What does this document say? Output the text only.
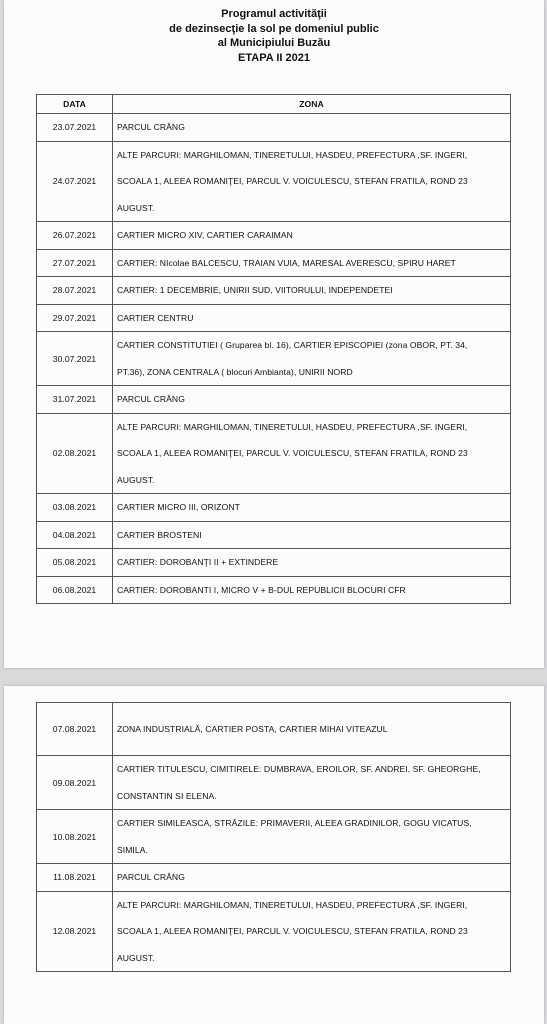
Programul activităţii
de dezinsecţie la sol pe domeniul public
al Municipiului Buzău
ETAPA II 2021
DATA	ZONA
23.07.2021	PARCUL CRÂNG

24.07.2021	ALTE PARCURI: MARGHILOMAN, TINERETULUI, HASDEU, PREFECTURA ,SF. INGERI,
SCOALA 1, ALEEA ROMANIŢEI, PARCUL V. VOICULESCU, STEFAN FRATILA, ROND 23
AUGUST.

26.07.2021	CARTIER MICRO XIV, CARTIER CARAIMAN

27.07.2021	CARTIER: NIcolae BALCESCU, TRAIAN VUIA, MARESAL AVERESCU, SPIRU HARET

28.07.2021	CARTIER: 1 DECEMBRIE, UNIRII SUD, VIITORULUI, INDEPENDETEI

29.07.2021	CARTIER CENTRU

30.07.2021	CARTIER CONSTITUTIEI ( Gruparea bl. 16), CARTIER EPISCOPIEI (zona OBOR, PT. 34,
PT.36), ZONA CENTRALA ( blocuri Ambianta), UNIRII NORD

31.07.2021	PARCUL CRÂNG

02.08.2021	ALTE PARCURI: MARGHILOMAN, TINERETULUI, HASDEU, PREFECTURA ,SF. INGERI,
SCOALA 1, ALEEA ROMANIŢEI, PARCUL V. VOICULESCU, STEFAN FRATILA, ROND 23
AUGUST.

03.08.2021	CARTIER MICRO III, ORIZONT

04.08.2021	CARTIER BROSTENI

05.08.2021	CARTIER: DOROBANŢI II + EXTINDERE

06.08.2021	CARTIER: DOROBANTI I, MICRO V + B-DUL REPUBLICII BLOCURI CFR
07.08.2021	ZONA INDUSTRIALĂ, CARTIER POSTA, CARTIER MIHAI VITEAZUL

09.08.2021	CARTIER TITULESCU, CIMITIRELE: DUMBRAVA, EROILOR, SF. ANDREI, SF. GHEORGHE,
CONSTANTIN SI ELENA.

10.08.2021	CARTIER SIMILEASCA, STRĂZILE: PRIMAVERII, ALEEA GRADINILOR, GOGU VICATUS,
SIMILA.

11.08.2021	PARCUL CRÂNG

12.08.2021	ALTE PARCURI: MARGHILOMAN, TINERETULUI, HASDEU, PREFECTURA ,SF. INGERI,
SCOALA 1, ALEEA ROMANIŢEI, PARCUL V. VOICULESCU, STEFAN FRATILA, ROND 23
AUGUST.
